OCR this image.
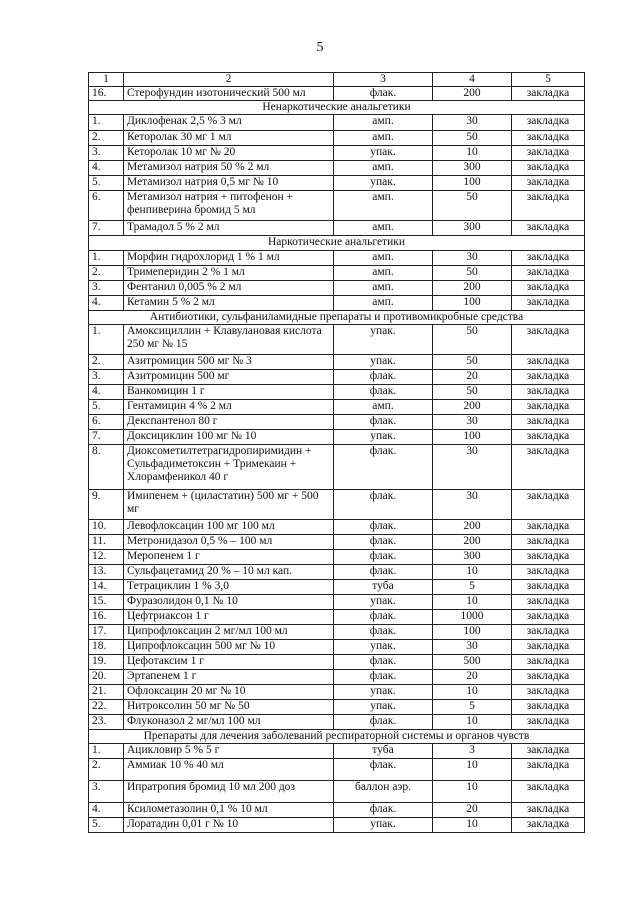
5
1	2	3	4	5
16.	Стерофундин изотонический 500 мл	флак.	200	закладка
Ненаркотические анальгетики				
1.	Диклофенак 2,5 % 3 мл	амп.	30	закладка
2.	Кеторолак 30 мг 1 мл	амп.	50	закладка
3.	Кеторолак 10 мг № 20	упак.	10	закладка
4.	Метамизол натрия 50 % 2 мл	амп.	300	закладка
5.	Метамизол натрия 0,5 мг № 10	упак.	100	закладка
6.	Метамизол натрия + питофенон + фенпиверина бромид 5 мл	амп.	50	закладка
7.	Трамадол 5 % 2 мл	амп.	300	закладка
Наркотические анальгетики				
1.	Морфин гидрохлорид 1 % 1 мл	амп.	30	закладка
2.	Тримеперидин 2 % 1 мл	амп.	50	закладка
3.	Фентанил 0,005 % 2 мл	амп.	200	закладка
4.	Кетамин 5 % 2 мл	амп.	100	закладка
Антибиотики, сульфаниламидные препараты и противомикробные средства				
1.	Амоксициллин + Клавулановая кислота 250 мг № 15	упак.	50	закладка
2.	Азитромицин 500 мг № 3	упак.	50	закладка
3.	Азитромицин 500 мг	флак.	20	закладка
4.	Ванкомицин 1 г	флак.	50	закладка
5.	Гентамицин 4 % 2 мл	амп.	200	закладка
6.	Декспантенол 80 г	флак.	30	закладка
7.	Доксициклин 100 мг № 10	упак.	100	закладка
8.	Диоксометилтетрагидропиримидин + Сульфадиметоксин + Тримекаин + Хлорамфеникол 40 г	флак.	30	закладка
9.	Имипенем + (циластатин) 500 мг + 500 мг	флак.	30	закладка
10.	Левофлоксацин 100 мг 100 мл	флак.	200	закладка
11.	Метронидазол 0,5 % – 100 мл	флак.	200	закладка
12.	Меропенем 1 г	флак.	300	закладка
13.	Сульфацетамид 20 % – 10 мл кап.	флак.	10	закладка
14.	Тетрациклин 1 % 3,0	туба	5	закладка
15.	Фуразолидон 0,1 № 10	упак.	10	закладка
16.	Цефтриаксон 1 г	флак.	1000	закладка
17.	Ципрофлоксацин 2 мг/мл 100 мл	флак.	100	закладка
18.	Ципрофлоксацин 500 мг № 10	упак.	30	закладка
19.	Цефотаксим 1 г	флак.	500	закладка
20.	Эртапенем 1 г	флак.	20	закладка
21.	Офлоксацин 20 мг № 10	упак.	10	закладка
22.	Нитроксолин 50 мг № 50	упак.	5	закладка
23.	Флуконазол 2 мг/мл 100 мл	флак.	10	закладка
Препараты для лечения заболеваний респираторной системы и органов чувств				
1.	Ацикловир 5 % 5 г	туба	3	закладка
2.	Аммиак 10 % 40 мл	флак.	10	закладка
3.	Ипратропия бромид 10 мл 200 доз	баллон аэр.	10	закладка
4.	Ксилометазолин 0,1 % 10 мл	флак.	20	закладка
5.	Лоратадин 0,01 г № 10	упак.	10	закладка
